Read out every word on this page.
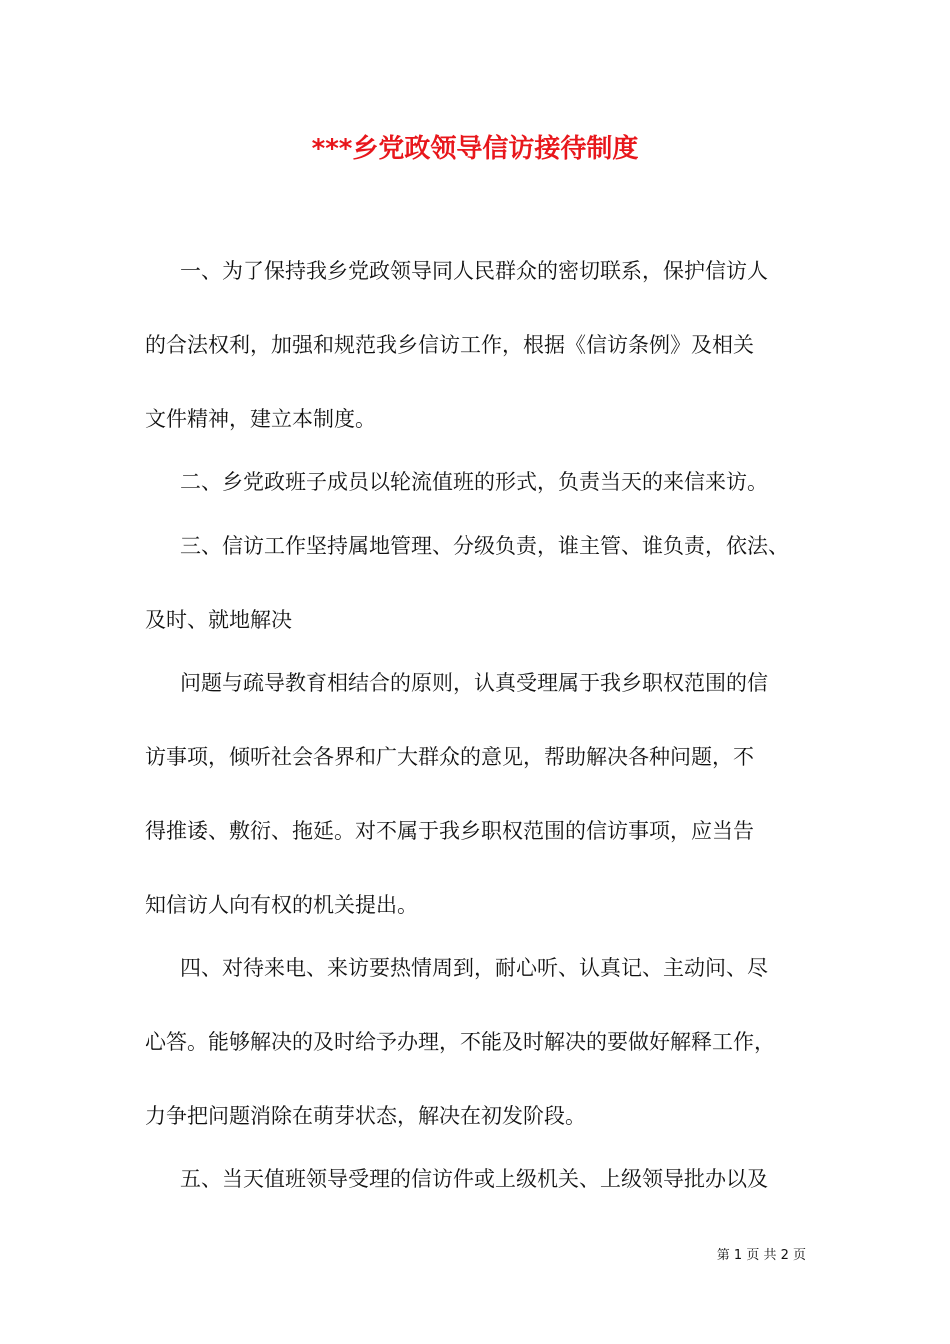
***乡党政领导信访接待制度
一、为了保持我乡党政领导同人民群众的密切联系，保护信访人
的合法权利，加强和规范我乡信访工作，根据《信访条例》及相关
文件精神，建立本制度。
二、乡党政班子成员以轮流值班的形式，负责当天的来信来访。
三、信访工作坚持属地管理、分级负责，谁主管、谁负责，依法、
及时、就地解决
问题与疏导教育相结合的原则，认真受理属于我乡职权范围的信
访事项，倾听社会各界和广大群众的意见，帮助解决各种问题，不
得推诿、敷衍、拖延。对不属于我乡职权范围的信访事项，应当告
知信访人向有权的机关提出。
四、对待来电、来访要热情周到，耐心听、认真记、主动问、尽
心答。能够解决的及时给予办理，不能及时解决的要做好解释工作，
力争把问题消除在萌芽状态，解决在初发阶段。
五、当天值班领导受理的信访件或上级机关、上级领导批办以及
第 1 页 共 2 页
